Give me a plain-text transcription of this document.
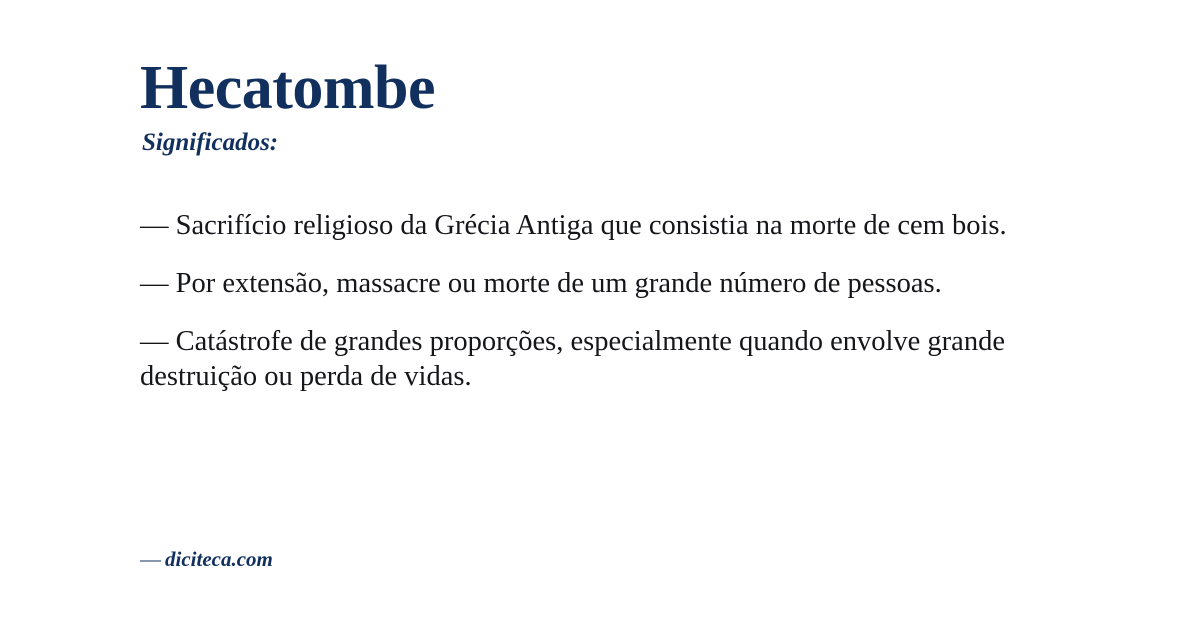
Hecatombe
Significados:

— Sacrifício religioso da Grécia Antiga que consistia na morte de cem bois.

— Por extensão, massacre ou morte de um grande número de pessoas.

— Catástrofe de grandes proporções, especialmente quando envolve grande destruição ou perda de vidas.

— diciteca.com
